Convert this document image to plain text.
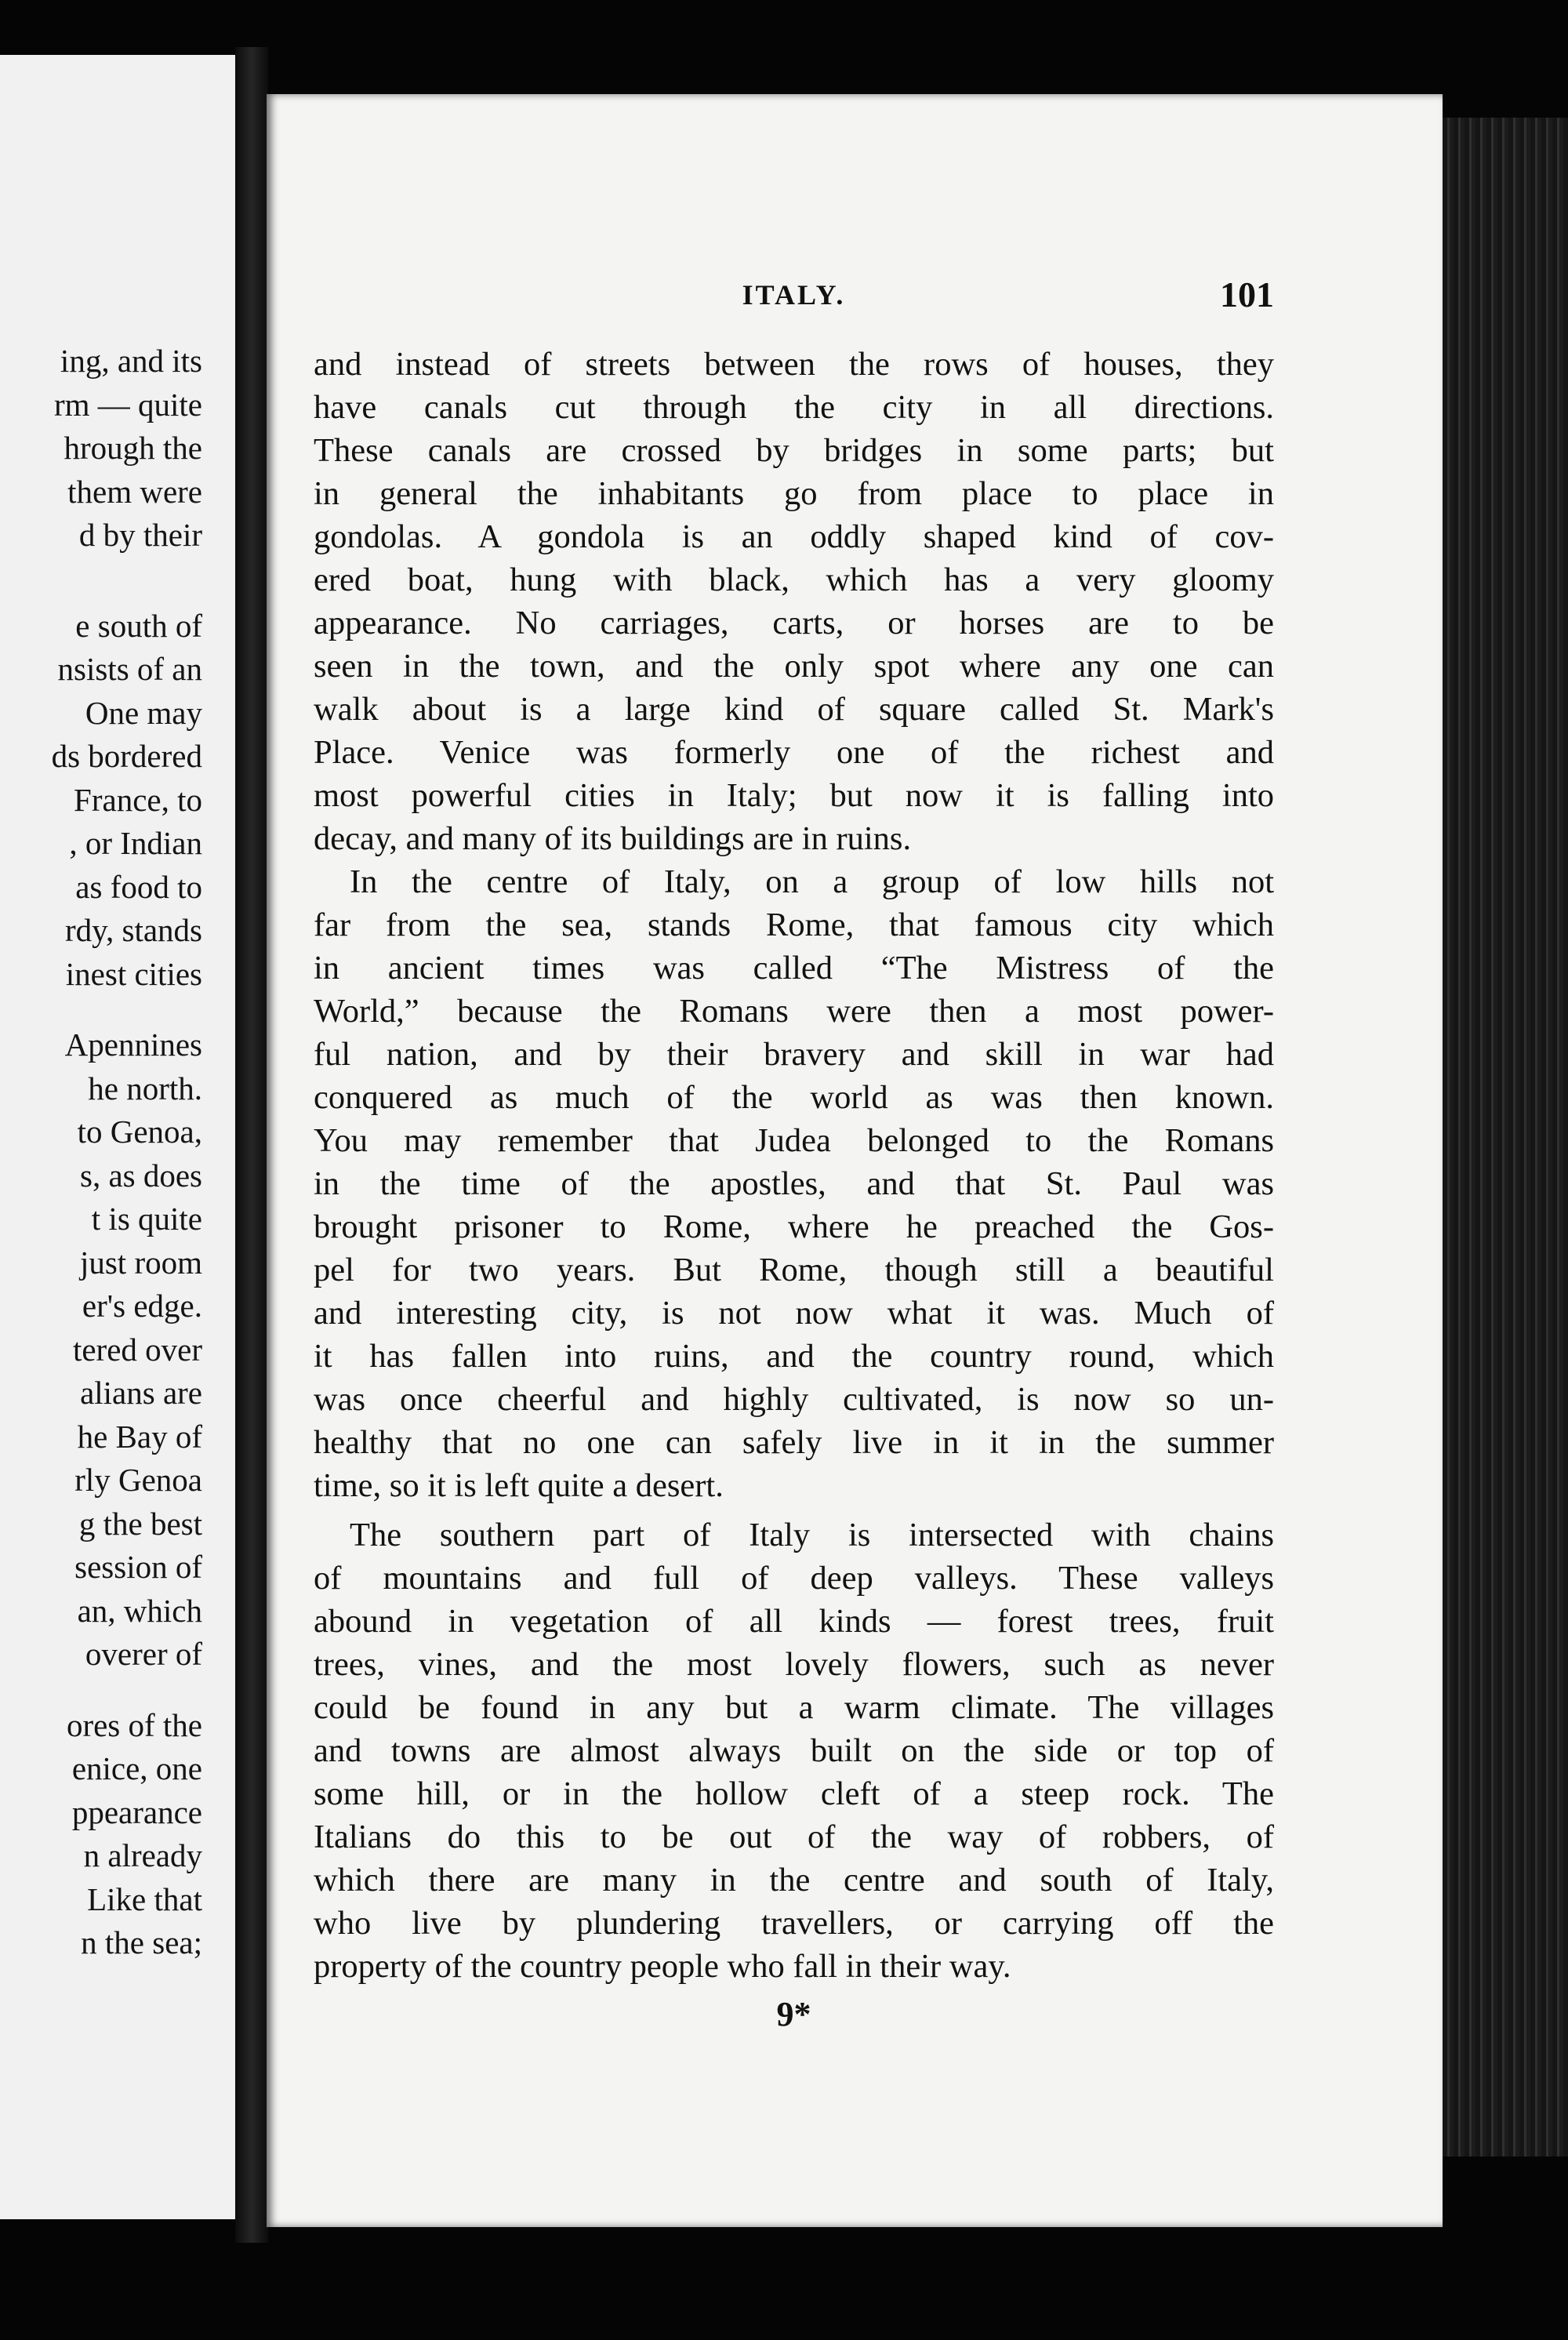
ing, and its
rm — quite
hrough the
them were
d by their
e south of
nsists of an
One may
ds bordered
France, to
, or Indian
as food to
rdy, stands
inest cities
Apennines
he north.
to Genoa,
s, as does
t is quite
just room
er's edge.
tered over
alians are
he Bay of
rly Genoa
g the best
session of
an, which
overer of
ores of the
enice, one
ppearance
n already
Like that
n the sea;
ITALY.	101

and instead of streets between the rows of houses, they

have canals cut through the city in all directions.

These canals are crossed by bridges in some parts; but

in general the inhabitants go from place to place in

gondolas. A gondola is an oddly shaped kind of cov-

ered boat, hung with black, which has a very gloomy

appearance. No carriages, carts, or horses are to be

seen in the town, and the only spot where any one can

walk about is a large kind of square called St. Mark's

Place. Venice was formerly one of the richest and

most powerful cities in Italy; but now it is falling into

decay, and many of its buildings are in ruins.

In the centre of Italy, on a group of low hills not

far from the sea, stands Rome, that famous city which

in ancient times was called “The Mistress of the

World,” because the Romans were then a most power-

ful nation, and by their bravery and skill in war had

conquered as much of the world as was then known.

You may remember that Judea belonged to the Romans

in the time of the apostles, and that St. Paul was

brought prisoner to Rome, where he preached the Gos-

pel for two years. But Rome, though still a beautiful

and interesting city, is not now what it was. Much of

it has fallen into ruins, and the country round, which

was once cheerful and highly cultivated, is now so un-

healthy that no one can safely live in it in the summer

time, so it is left quite a desert.

The southern part of Italy is intersected with chains

of mountains and full of deep valleys. These valleys

abound in vegetation of all kinds — forest trees, fruit

trees, vines, and the most lovely flowers, such as never

could be found in any but a warm climate. The villages

and towns are almost always built on the side or top of

some hill, or in the hollow cleft of a steep rock. The

Italians do this to be out of the way of robbers, of

which there are many in the centre and south of Italy,

who live by plundering travellers, or carrying off the

property of the country people who fall in their way.

9*
